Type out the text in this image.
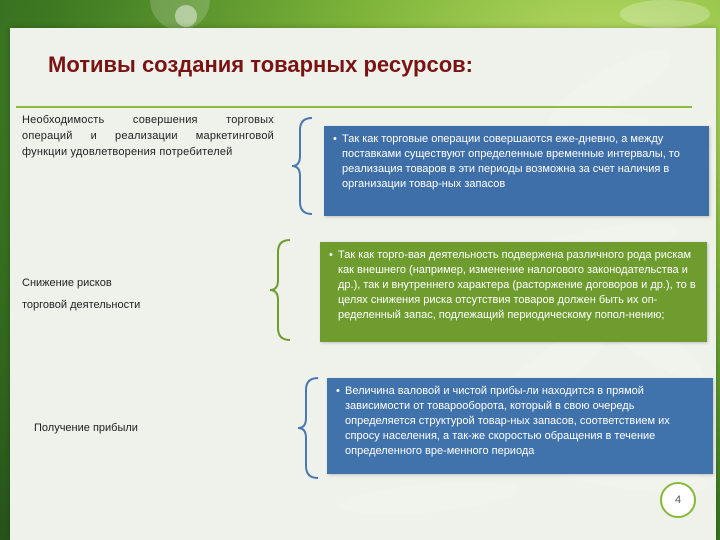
Мотивы создания товарных ресурсов:
Необходимость совершения торговых операций и реализации маркетинговой функции удовлетворения потребителей
• Так как торговые операции совершаются еже-дневно, а между поставками существуют определенные временные интервалы, то реализация товаров в эти периоды возможна за счет наличия в организации товар-ных запасов
Снижение рисков
торговой деятельности
• Так как торго-вая деятельность подвержена различного рода рискам как внешнего (например, изменение налогового законодательства и др.), так и внутреннего характера (расторжение договоров и др.), то в целях снижения риска отсутствия товаров должен быть их оп-ределенный запас, подлежащий периодическому попол-нению;
Получение прибыли
• Величина валовой и чистой прибы-ли находится в прямой зависимости от товарооборота, который в свою очередь определяется структурой товар-ных запасов, соответствием их спросу населения, а так-же скоростью обращения в течение определенного вре-менного периода
4
